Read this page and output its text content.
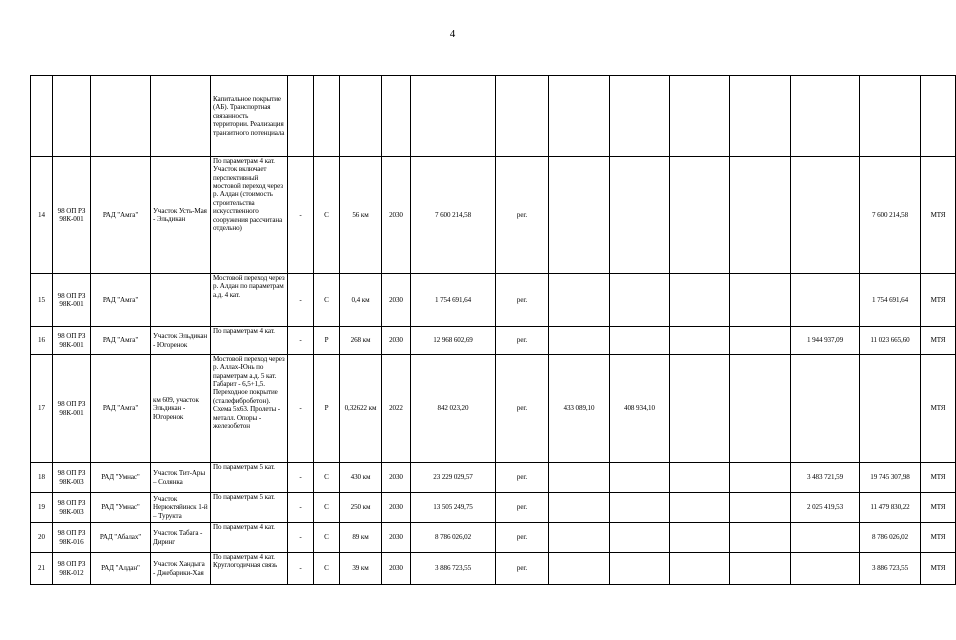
4
				Капитальное покрытие (АБ). Транспортная связанность территории. Реализация транзитного потенциала													
14	98 ОП РЗ 98К-001	РАД "Амга"	Участок Усть-Мая - Эльдикан	По параметрам 4 кат. Участок включает перспективный мостовой переход через р. Алдан (стоимость строительства искусственного сооружения рассчитана отдельно)	-	С	56 км	2030	7 600 214,58	рег.						7 600 214,58	МТЯ
15	98 ОП РЗ 98К-001	РАД "Амга"		Мостовой переход через р. Алдан по параметрам а.д. 4 кат.	-	С	0,4 км	2030	1 754 691,64	рег.						1 754 691,64	МТЯ
16	98 ОП РЗ 98К-001	РАД "Амга"	Участок Эльдикан - Югоренок	По параметрам 4 кат.	-	Р	268 км	2030	12 968 602,69	рег.					1 944 937,09	11 023 665,60	МТЯ
17	98 ОП РЗ 98К-001	РАД "Амга"	км 609, участок Эльдикан - Югоренок	Мостовой переход через р. Аллах-Юнь по параметрам а.д. 5 кат. Габарит - 6,5+1,5. Переходное покрытие (сталефибробетон). Схема 5х63. Пролеты - металл. Опоры - железобетон	-	Р	0,32622 км	2022	842 023,20	рег.	433 089,10	408 934,10					МТЯ
18	98 ОП РЗ 98К-003	РАД "Умнас"	Участок Тит-Ары – Солянка	По параметрам 5 кат.	-	С	430 км	2030	23 229 029,57	рег.					3 483 721,59	19 745 307,98	МТЯ
19	98 ОП РЗ 98К-003	РАД "Умнас"	Участок Нерюктяйинск 1-й – Турукта	По параметрам 5 кат.	-	С	250 км	2030	13 505 249,75	рег.					2 025 419,53	11 479 830,22	МТЯ
20	98 ОП РЗ 98К-016	РАД "Абалах"	Участок Табага - Диринг	По параметрам 4 кат.	-	С	89 км	2030	8 786 026,02	рег.						8 786 026,02	МТЯ
21	98 ОП РЗ 98К-012	РАД "Алдан"	Участок Хандыга - Джебарики-Хая	По параметрам 4 кат. Круглогодичная связь	-	С	39 км	2030	3 886 723,55	рег.						3 886 723,55	МТЯ
